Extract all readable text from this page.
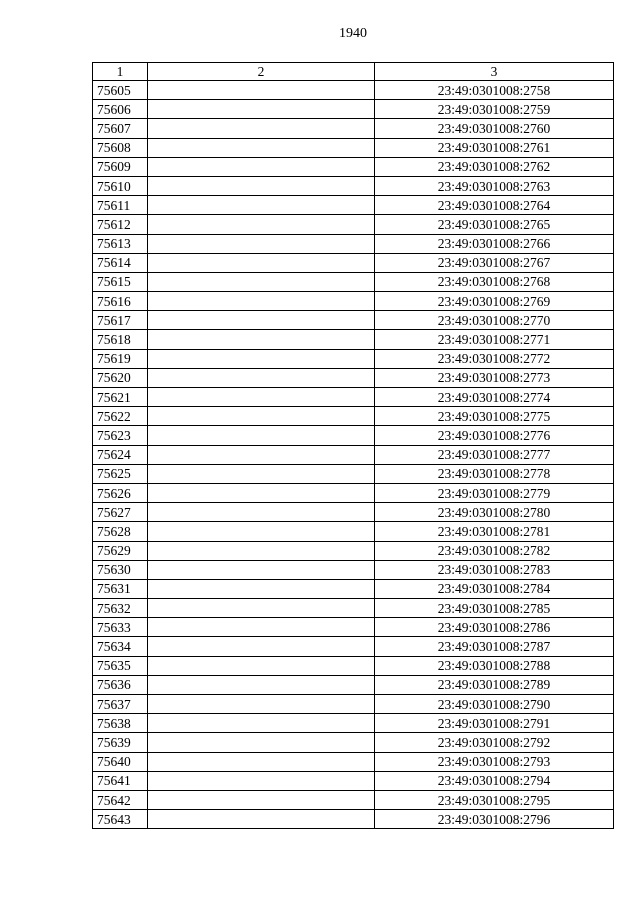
1940
1	2	3
75605		23:49:0301008:2758
75606		23:49:0301008:2759
75607		23:49:0301008:2760
75608		23:49:0301008:2761
75609		23:49:0301008:2762
75610		23:49:0301008:2763
75611		23:49:0301008:2764
75612		23:49:0301008:2765
75613		23:49:0301008:2766
75614		23:49:0301008:2767
75615		23:49:0301008:2768
75616		23:49:0301008:2769
75617		23:49:0301008:2770
75618		23:49:0301008:2771
75619		23:49:0301008:2772
75620		23:49:0301008:2773
75621		23:49:0301008:2774
75622		23:49:0301008:2775
75623		23:49:0301008:2776
75624		23:49:0301008:2777
75625		23:49:0301008:2778
75626		23:49:0301008:2779
75627		23:49:0301008:2780
75628		23:49:0301008:2781
75629		23:49:0301008:2782
75630		23:49:0301008:2783
75631		23:49:0301008:2784
75632		23:49:0301008:2785
75633		23:49:0301008:2786
75634		23:49:0301008:2787
75635		23:49:0301008:2788
75636		23:49:0301008:2789
75637		23:49:0301008:2790
75638		23:49:0301008:2791
75639		23:49:0301008:2792
75640		23:49:0301008:2793
75641		23:49:0301008:2794
75642		23:49:0301008:2795
75643		23:49:0301008:2796
